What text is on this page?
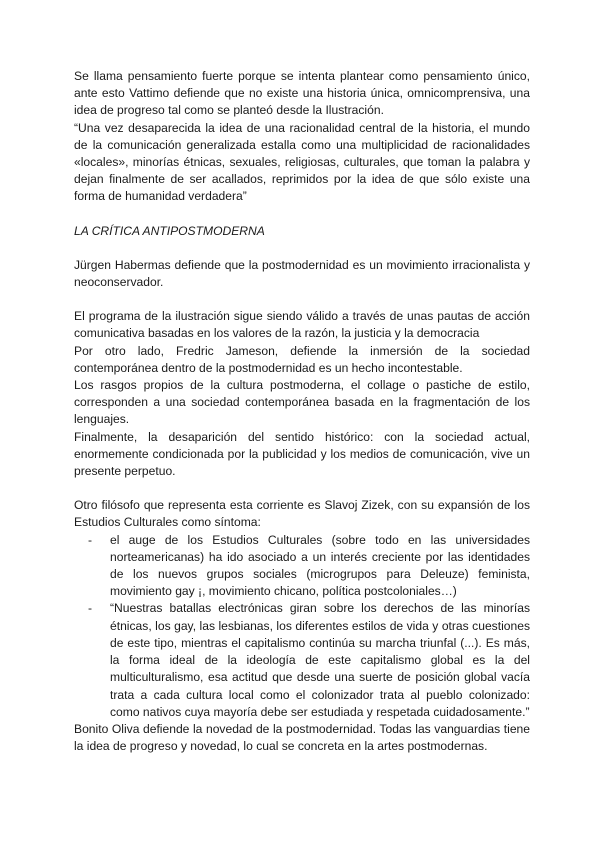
Se llama pensamiento fuerte porque se intenta plantear como pensamiento único, ante esto Vattimo defiende que no existe una historia única, omnicomprensiva, una idea de progreso tal como se planteó desde la Ilustración.

“Una vez desaparecida la idea de una racionalidad central de la historia, el mundo de la comunicación generalizada estalla como una multiplicidad de racionalidades «locales», minorías étnicas, sexuales, religiosas, culturales, que toman la palabra y dejan finalmente de ser acallados, reprimidos por la idea de que sólo existe una forma de humanidad verdadera”

LA CRÍTICA ANTIPOSTMODERNA

Jürgen Habermas defiende que la postmodernidad es un movimiento irracionalista y neoconservador.

El programa de la ilustración sigue siendo válido a través de unas pautas de acción comunicativa basadas en los valores de la razón, la justicia y la democracia

Por otro lado, Fredric Jameson, defiende la inmersión de la sociedad contemporánea dentro de la postmodernidad es un hecho incontestable.

Los rasgos propios de la cultura postmoderna, el collage o pastiche de estilo, corresponden a una sociedad contemporánea basada en la fragmentación de los lenguajes.

Finalmente, la desaparición del sentido histórico: con la sociedad actual, enormemente condicionada por la publicidad y los medios de comunicación, vive un presente perpetuo.

Otro filósofo que representa esta corriente es Slavoj Zizek, con su expansión de los Estudios Culturales como síntoma:

- el auge de los Estudios Culturales (sobre todo en las universidades norteamericanas) ha ido asociado a un interés creciente por las identidades de los nuevos grupos sociales (microgrupos para Deleuze) feminista, movimiento gay ¡, movimiento chicano, política postcoloniales…)
- “Nuestras batallas electrónicas giran sobre los derechos de las minorías étnicas, los gay, las lesbianas, los diferentes estilos de vida y otras cuestiones de este tipo, mientras el capitalismo continúa su marcha triunfal (...). Es más, la forma ideal de la ideología de este capitalismo global es la del multiculturalismo, esa actitud que desde una suerte de posición global vacía trata a cada cultura local como el colonizador trata al pueblo colonizado: como nativos cuya mayoría debe ser estudiada y respetada cuidadosamente.”

Bonito Oliva defiende la novedad de la postmodernidad. Todas las vanguardias tiene la idea de progreso y novedad, lo cual se concreta en la artes postmodernas.
